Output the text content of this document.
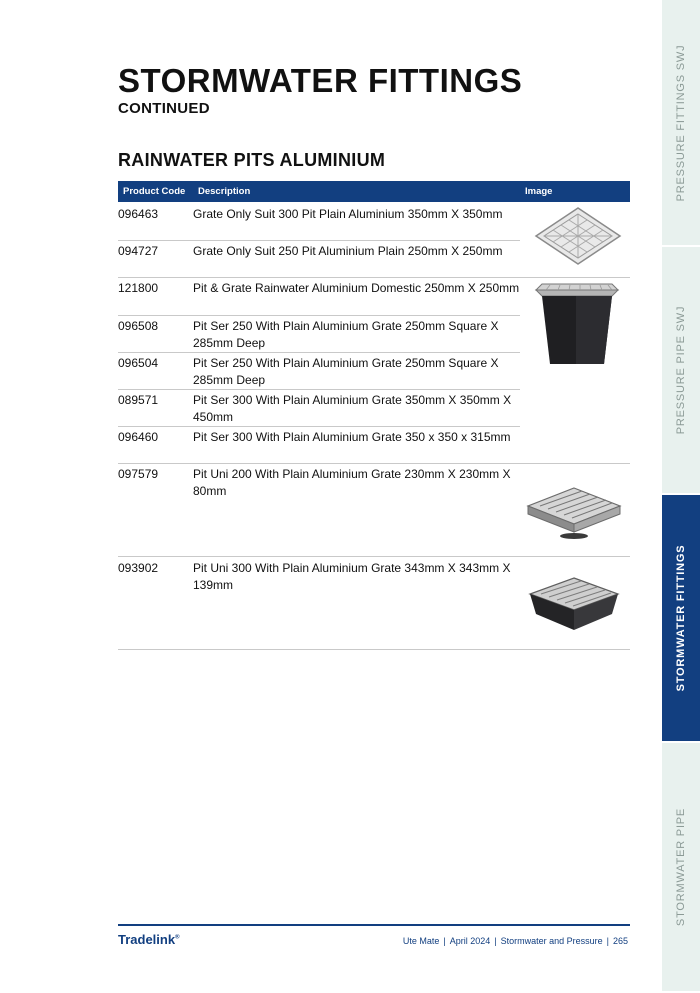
STORMWATER FITTINGS
CONTINUED
RAINWATER PITS ALUMINIUM
Product Code Description	Image
096463	Grate Only Suit 300 Pit Plain Aluminium 350mm X 350mm
094727	Grate Only Suit 250 Pit Aluminium Plain 250mm X 250mm
121800	Pit & Grate Rainwater Aluminium Domestic 250mm X 250mm
096508	Pit Ser 250 With Plain Aluminium Grate 250mm Square X 285mm Deep
096504	Pit Ser 250 With Plain Aluminium Grate 250mm Square X 285mm Deep
089571	Pit Ser 300 With Plain Aluminium Grate 350mm X 350mm X 450mm
096460	Pit Ser 300 With Plain Aluminium Grate 350 x 350 x 315mm
097579	Pit Uni 200 With Plain Aluminium Grate 230mm X 230mm X 80mm
093902	Pit Uni 300 With Plain Aluminium Grate 343mm X 343mm X 139mm
PRESSURE FITTINGS SWJ
PRESSURE PIPE SWJ
STORMWATER FITTINGS
STORMWATER PIPE
Tradelink®	Ute Mate | April 2024 | Stormwater and Pressure | 265
